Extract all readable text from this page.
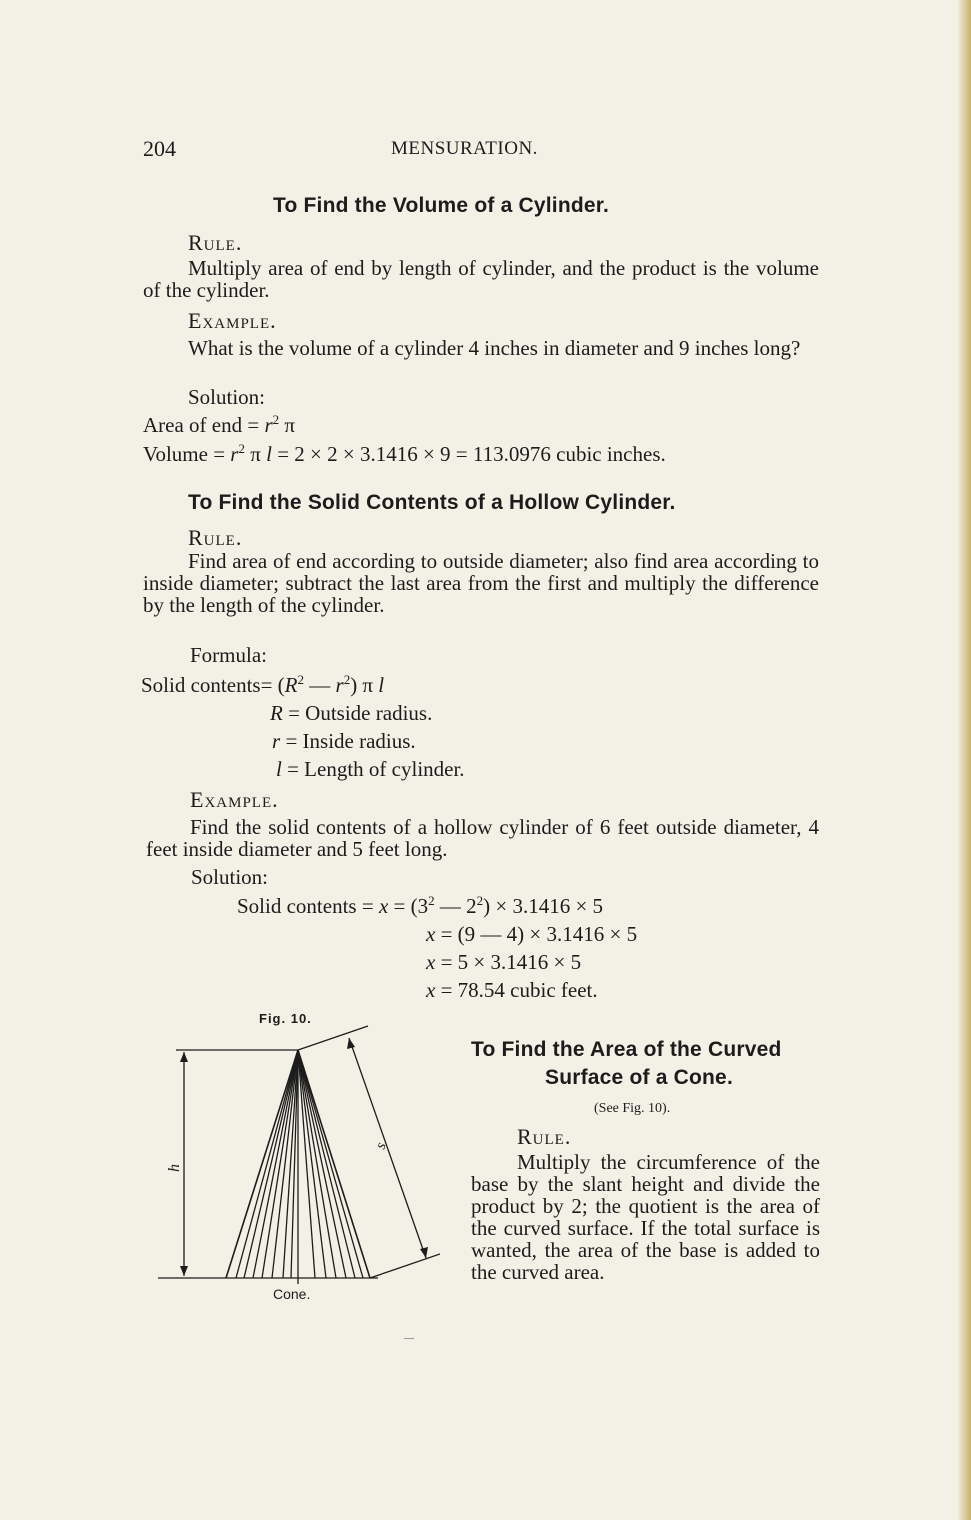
204	MENSURATION.
To Find the Volume of a Cylinder.
Rule.
Multiply area of end by length of cylinder, and the product is the volume of the cylinder.
Example.
What is the volume of a cylinder 4 inches in diameter and 9 inches long?
Solution:
Area of end = $r^2$ π
Volume = $r^2$ π l = 2 × 2 × 3.1416 × 9 = 113.0976 cubic inches.
To Find the Solid Contents of a Hollow Cylinder.
Rule.
Find area of end according to outside diameter; also find area according to inside diameter; subtract the last area from the first and multiply the difference by the length of the cylinder.
Formula:
Solid contents= ($R^2$ — $r^2$) π l
R = Outside radius.
r = Inside radius.
l = Length of cylinder.
Example.
Find the solid contents of a hollow cylinder of 6 feet outside diameter, 4 feet inside diameter and 5 feet long.
Solution:
Solid contents = $x = (3^2$ — $2^2) \times 3.1416 \times 5$
x = (9 — 4) × 3.1416 × 5
x = 5 × 3.1416 × 5
x = 78.54 cubic feet.
Fig. 10.
h
s
Cone.
To Find the Area of the Curved
Surface of a Cone.
(See Fig. 10).
Rule.
Multiply the circumference of the base by the slant height and divide the product by 2; the quotient is the area of the curved surface. If the total surface is wanted, the area of the base is added to the curved area.
